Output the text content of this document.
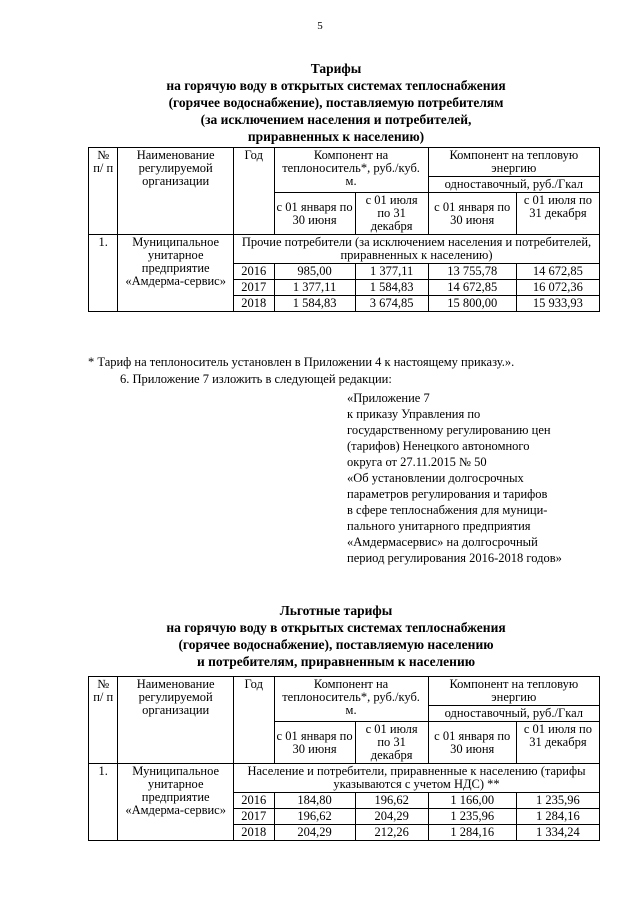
5
Тарифы
на горячую воду в открытых системах теплоснабжения
(горячее водоснабжение), поставляемую потребителям
(за исключением населения и потребителей,
приравненных к населению)
№ п/ п	Наименование регулируемой организации	Год	Компонент на теплоноситель*, руб./куб. м.		Компонент на тепловую энергию	
					одноставочный, руб./Гкал	
			с 01 января по 30 июня	с 01 июля по 31 декабря	с 01 января по 30 июня	с 01 июля по 31 декабря
1.	Муниципальное унитарное предприятие «Амдерма-сервис»	Прочие потребители (за исключением населения и потребителей, приравненных к населению)				
		2016	985,00	1 377,11	13 755,78	14 672,85
		2017	1 377,11	1 584,83	14 672,85	16 072,36
		2018	1 584,83	3 674,85	15 800,00	15 933,93
* Тариф на теплоноситель установлен в Приложении 4 к настоящему приказу.».
6. Приложение 7 изложить в следующей редакции:
«Приложение 7
к приказу Управления по
государственному регулированию цен
(тарифов) Ненецкого автономного
округа от 27.11.2015 № 50
«Об установлении долгосрочных
параметров регулирования и тарифов
в сфере теплоснабжения для муници-
пального унитарного предприятия
«Амдермасервис» на долгосрочный
период регулирования 2016-2018 годов»
Льготные тарифы
на горячую воду в открытых системах теплоснабжения
(горячее водоснабжение), поставляемую населению
и потребителям, приравненным к населению
№ п/ п	Наименование регулируемой организации	Год	Компонент на теплоноситель*, руб./куб. м.		Компонент на тепловую энергию	
					одноставочный, руб./Гкал	
			с 01 января по 30 июня	с 01 июля по 31 декабря	с 01 января по 30 июня	с 01 июля по 31 декабря
1.	Муниципальное унитарное предприятие «Амдерма-сервис»	Население и потребители, приравненные к населению (тарифы указываются с учетом НДС) **				
		2016	184,80	196,62	1 166,00	1 235,96
		2017	196,62	204,29	1 235,96	1 284,16
		2018	204,29	212,26	1 284,16	1 334,24
